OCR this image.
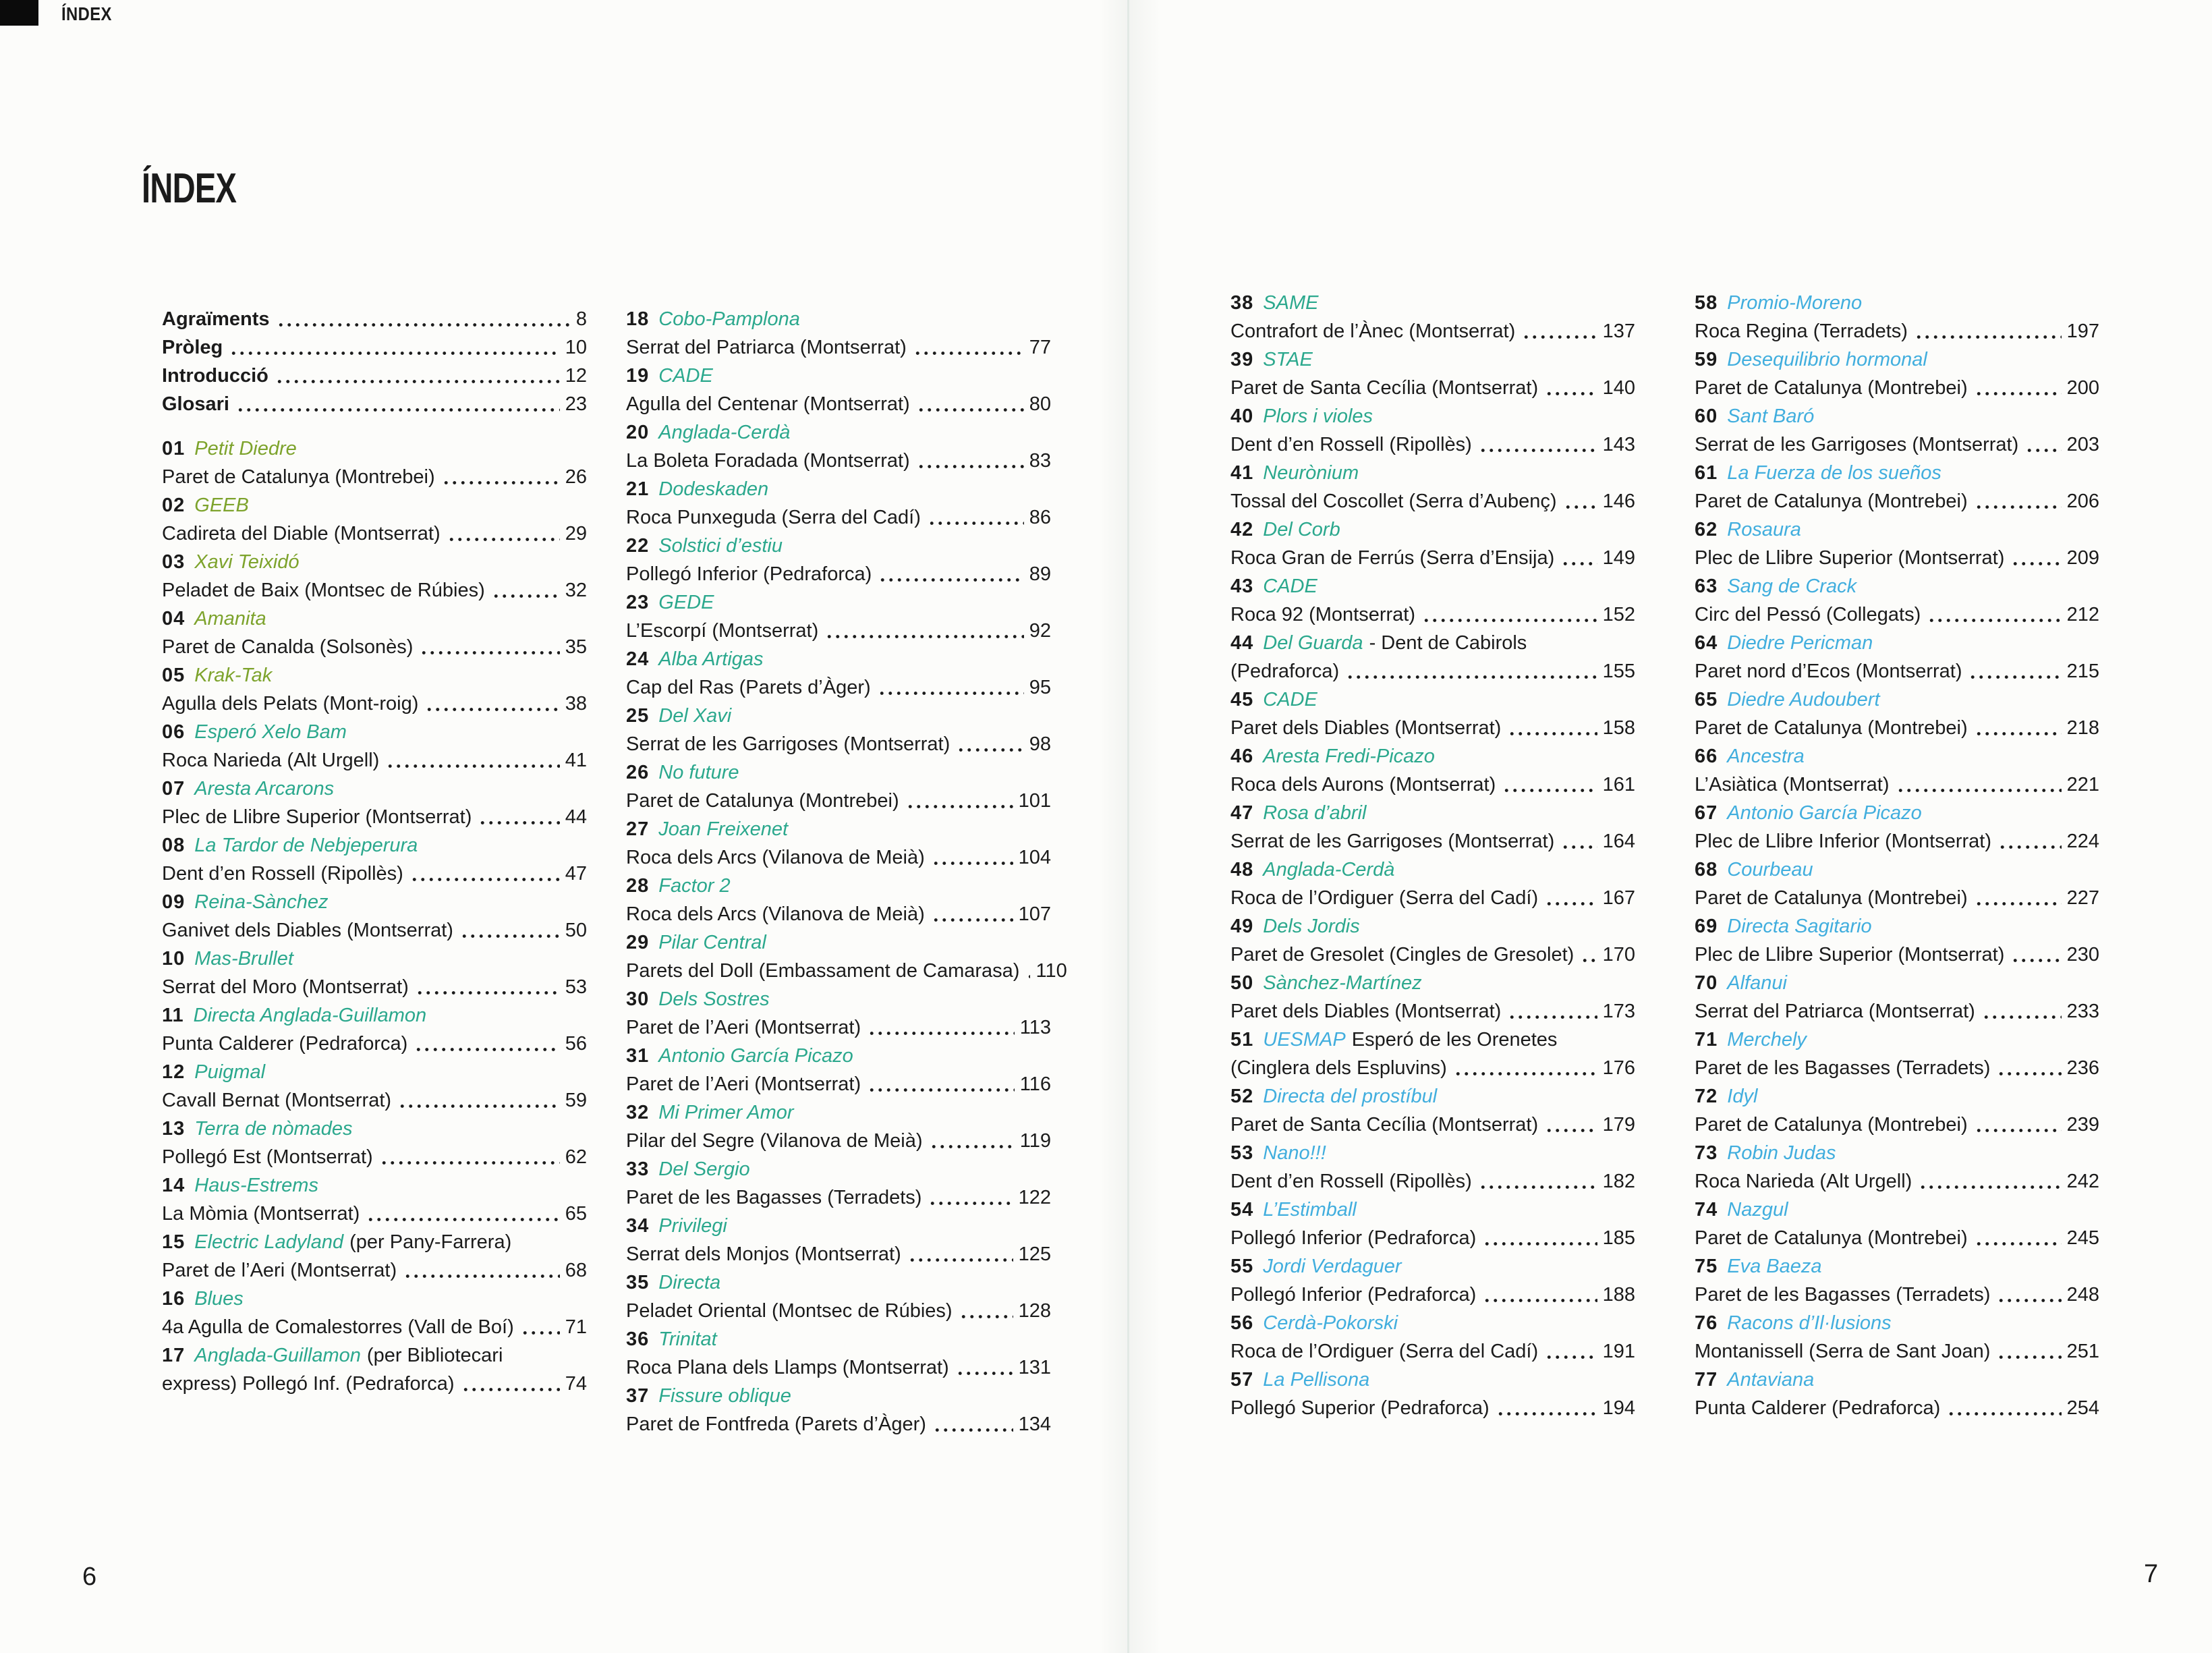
ÍNDEX
ÍNDEX
Agraïments	8
Pròleg	10
Introducció	12
Glosari	23
01 Petit Diedre
Paret de Catalunya (Montrebei)	26
02 GEEB
Cadireta del Diable (Montserrat)	29
03 Xavi Teixidó
Peladet de Baix (Montsec de Rúbies)	32
04 Amanita
Paret de Canalda (Solsonès)	35
05 Krak-Tak
Agulla dels Pelats (Mont-roig)	38
06 Esperó Xelo Bam
Roca Narieda (Alt Urgell)	41
07 Aresta Arcarons
Plec de Llibre Superior (Montserrat)	44
08 La Tardor de Nebjeperura
Dent d’en Rossell (Ripollès)	47
09 Reina-Sànchez
Ganivet dels Diables (Montserrat)	50
10 Mas-Brullet
Serrat del Moro (Montserrat)	53
11 Directa Anglada-Guillamon
Punta Calderer (Pedraforca)	56
12 Puigmal
Cavall Bernat (Montserrat)	59
13 Terra de nòmades
Pollegó Est (Montserrat)	62
14 Haus-Estrems
La Mòmia (Montserrat)	65
15 Electric Ladyland (per Pany-Farrera)
Paret de l’Aeri (Montserrat)	68
16 Blues
4a Agulla de Comalestorres (Vall de Boí)	71
17 Anglada-Guillamon (per Bibliotecari
express) Pollegó Inf. (Pedraforca)	74
18 Cobo-Pamplona
Serrat del Patriarca (Montserrat)	77
19 CADE
Agulla del Centenar (Montserrat)	80
20 Anglada-Cerdà
La Boleta Foradada (Montserrat)	83
21 Dodeskaden
Roca Punxeguda (Serra del Cadí)	86
22 Solstici d’estiu
Pollegó Inferior (Pedraforca)	89
23 GEDE
L’Escorpí (Montserrat)	92
24 Alba Artigas
Cap del Ras (Parets d’Àger)	95
25 Del Xavi
Serrat de les Garrigoses (Montserrat)	98
26 No future
Paret de Catalunya (Montrebei)	101
27 Joan Freixenet
Roca dels Arcs (Vilanova de Meià)	104
28 Factor 2
Roca dels Arcs (Vilanova de Meià)	107
29 Pilar Central
Parets del Doll (Embassament de Camarasa) 110
30 Dels Sostres
Paret de l’Aeri (Montserrat)	113
31 Antonio García Picazo
Paret de l’Aeri (Montserrat)	116
32 Mi Primer Amor
Pilar del Segre (Vilanova de Meià)	119
33 Del Sergio
Paret de les Bagasses (Terradets)	122
34 Privilegi
Serrat dels Monjos (Montserrat)	125
35 Directa
Peladet Oriental (Montsec de Rúbies)	128
36 Trinitat
Roca Plana dels Llamps (Montserrat)	131
37 Fissure oblique
Paret de Fontfreda (Parets d’Àger)	134
38 SAME
Contrafort de l’Ànec (Montserrat)	137
39 STAE
Paret de Santa Cecília (Montserrat)	140
40 Plors i violes
Dent d’en Rossell (Ripollès)	143
41 Neurònium
Tossal del Coscollet (Serra d’Aubenç) 146
42 Del Corb
Roca Gran de Ferrús (Serra d’Ensija) 149
43 CADE
Roca 92 (Montserrat)	152
44 Del Guarda - Dent de Cabirols
(Pedraforca)	155
45 CADE
Paret dels Diables (Montserrat)	158
46 Aresta Fredi-Picazo
Roca dels Aurons (Montserrat)	161
47 Rosa d’abril
Serrat de les Garrigoses (Montserrat) 164
48 Anglada-Cerdà
Roca de l’Ordiguer (Serra del Cadí)	167
49 Dels Jordis
Paret de Gresolet (Cingles de Gresolet) 170
50 Sànchez-Martínez
Paret dels Diables (Montserrat)	173
51 UESMAP Esperó de les Orenetes
(Cinglera dels Espluvins)	176
52 Directa del prostíbul
Paret de Santa Cecília (Montserrat)	179
53 Nano!!!
Dent d’en Rossell (Ripollès)	182
54 L’Estimball
Pollegó Inferior (Pedraforca)	185
55 Jordi Verdaguer
Pollegó Inferior (Pedraforca)	188
56 Cerdà-Pokorski
Roca de l’Ordiguer (Serra del Cadí)	191
57 La Pellisona
Pollegó Superior (Pedraforca)	194
58 Promio-Moreno
Roca Regina (Terradets)	197
59 Desequilibrio hormonal
Paret de Catalunya (Montrebei)	200
60 Sant Baró
Serrat de les Garrigoses (Montserrat) 203
61 La Fuerza de los sueños
Paret de Catalunya (Montrebei)	206
62 Rosaura
Plec de Llibre Superior (Montserrat)	209
63 Sang de Crack
Circ del Pessó (Collegats)	212
64 Diedre Pericman
Paret nord d’Ecos (Montserrat)	215
65 Diedre Audoubert
Paret de Catalunya (Montrebei)	218
66 Ancestra
L’Asiàtica (Montserrat)	221
67 Antonio García Picazo
Plec de Llibre Inferior (Montserrat)	224
68 Courbeau
Paret de Catalunya (Montrebei)	227
69 Directa Sagitario
Plec de Llibre Superior (Montserrat)	230
70 Alfanui
Serrat del Patriarca (Montserrat)	233
71 Merchely
Paret de les Bagasses (Terradets)	236
72 Idyl
Paret de Catalunya (Montrebei)	239
73 Robin Judas
Roca Narieda (Alt Urgell)	242
74 Nazgul
Paret de Catalunya (Montrebei)	245
75 Eva Baeza
Paret de les Bagasses (Terradets)	248
76 Racons d’Il·lusions
Montanissell (Serra de Sant Joan)	251
77 Antaviana
Punta Calderer (Pedraforca)	254
6	7
